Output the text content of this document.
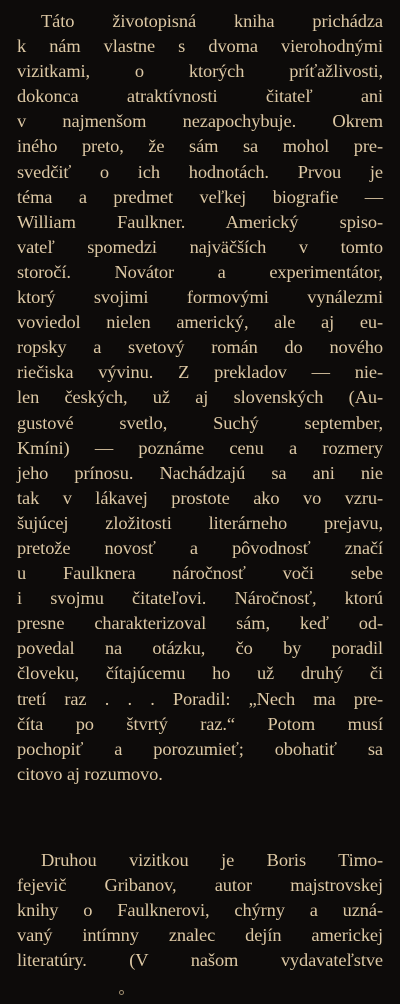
Táto životopisná kniha prichádza
k nám vlastne s dvoma vierohodnými
vizitkami, o ktorých príťažlivosti,
dokonca atraktívnosti čitateľ ani
v najmenšom nezapochybuje. Okrem
iného preto, že sám sa mohol pre-
svedčiť o ich hodnotách. Prvou je
téma a predmet veľkej biografie —
William Faulkner. Americký spiso-
vateľ spomedzi najväčších v tomto
storočí. Novátor a experimentátor,
ktorý svojimi formovými vynálezmi
voviedol nielen americký, ale aj eu-
ropsky a svetový román do nového
riečiska vývinu. Z prekladov — nie-
len českých, už aj slovenských (Au-
gustové svetlo, Suchý september,
Kmíni) — poznáme cenu a rozmery
jeho prínosu. Nachádzajú sa ani nie
tak v lákavej prostote ako vo vzru-
šujúcej zložitosti literárneho prejavu,
pretože novosť a pôvodnosť značí
u Faulknera náročnosť voči sebe
i svojmu čitateľovi. Náročnosť, ktorú
presne charakterizoval sám, keď od-
povedal na otázku, čo by poradil
človeku, čítajúcemu ho už druhý či
tretí raz . . . Poradil: „Nech ma pre-
číta po štvrtý raz.“ Potom musí
pochopiť a porozumieť; obohatiť sa
citovo aj rozumovo.
Druhou vizitkou je Boris Timo-
fejevič Gribanov, autor majstrovskej
knihy o Faulknerovi, chýrny a uzná-
vaný intímny znalec dejín americkej
literatúry. (V našom vydavateľstve
